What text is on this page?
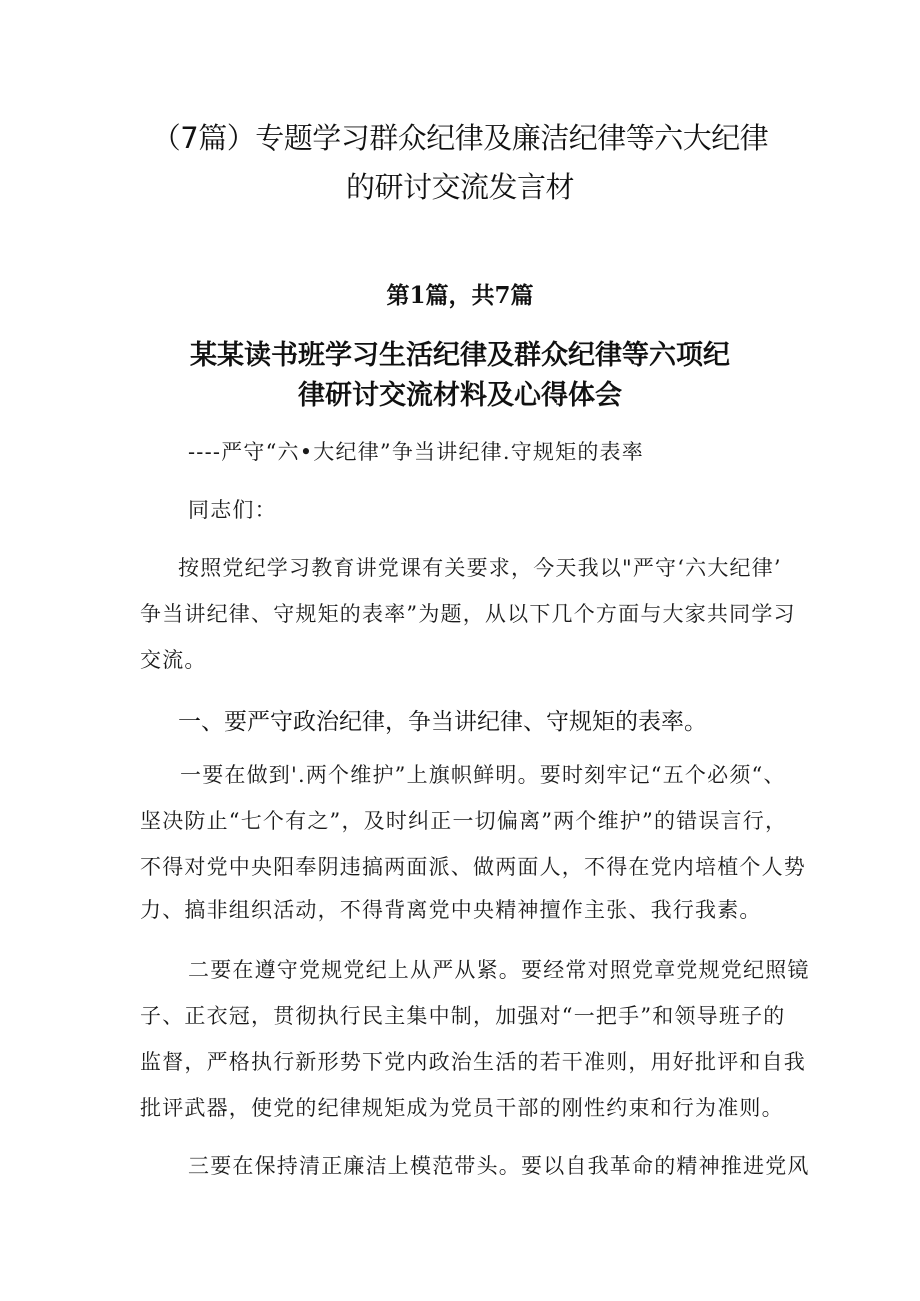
（7篇）专题学习群众纪律及廉洁纪律等六大纪律
的研讨交流发言材
第1篇，共7篇
某某读书班学习生活纪律及群众纪律等六项纪
律研讨交流材料及心得体会
----严守“六•大纪律”争当讲纪律.守规矩的表率
同志们：
按照党纪学习教育讲党课有关要求，今天我以"严守‘六大纪律’
争当讲纪律、守规矩的表率”为题，从以下几个方面与大家共同学习
交流。
一、要严守政治纪律，争当讲纪律、守规矩的表率。
一要在做到'.两个维护”上旗帜鲜明。要时刻牢记“五个必须“、
坚决防止“七个有之”，及时纠正一切偏离”两个维护”的错误言行，
不得对党中央阳奉阴违搞两面派、做两面人，不得在党内培植个人势
力、搞非组织活动，不得背离党中央精神擅作主张、我行我素。
二要在遵守党规党纪上从严从紧。要经常对照党章党规党纪照镜
子、正衣冠，贯彻执行民主集中制，加强对“一把手”和领导班子的
监督，严格执行新形势下党内政治生活的若干准则，用好批评和自我
批评武器，使党的纪律规矩成为党员干部的刚性约束和行为准则。
三要在保持清正廉洁上模范带头。要以自我革命的精神推进党风
